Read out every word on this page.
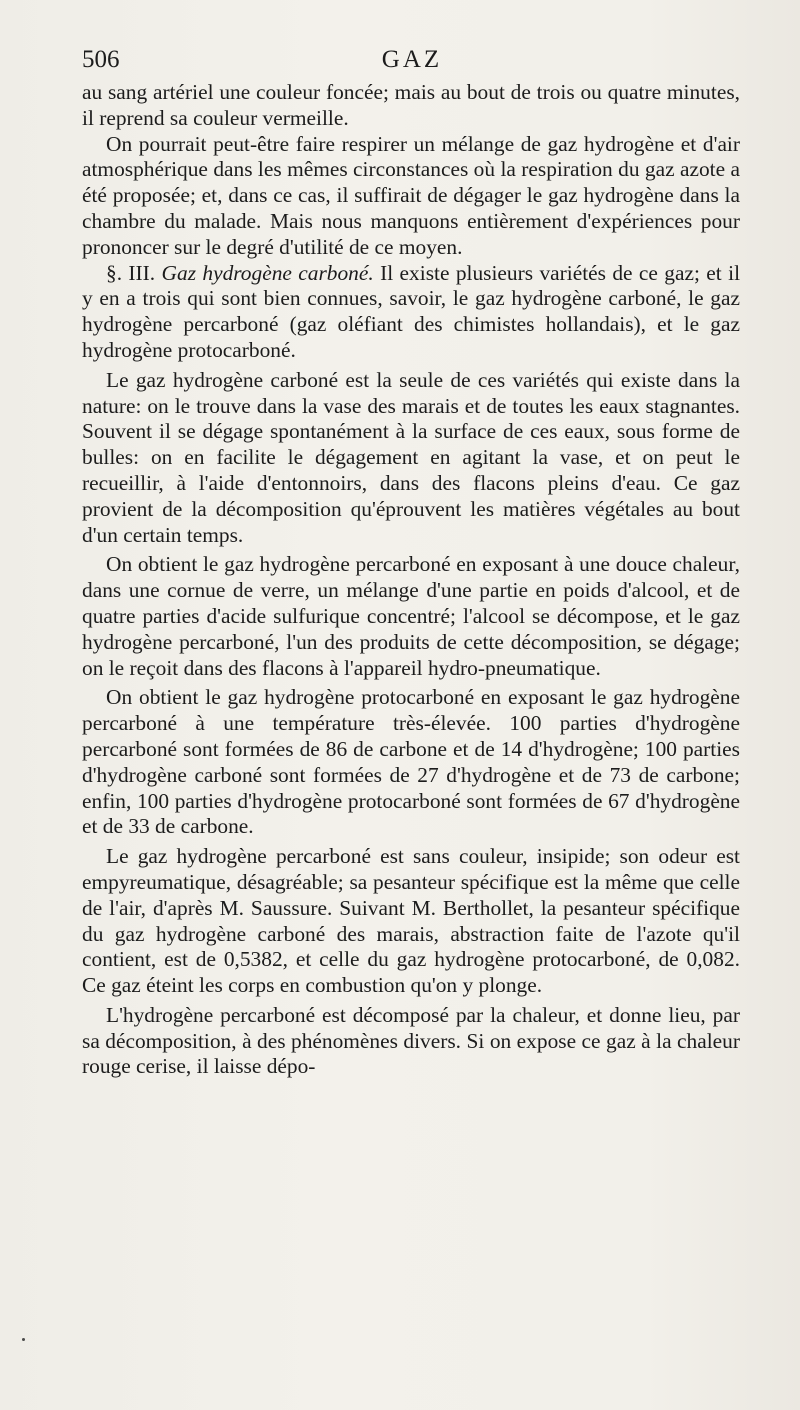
506	GAZ

au sang artériel une couleur foncée; mais au bout de trois ou quatre minutes, il reprend sa couleur vermeille.

On pourrait peut-être faire respirer un mélange de gaz hydrogène et d'air atmosphérique dans les mêmes circonstances où la respiration du gaz azote a été proposée; et, dans ce cas, il suffirait de dégager le gaz hydrogène dans la chambre du malade. Mais nous manquons entièrement d'expériences pour prononcer sur le degré d'utilité de ce moyen.

§. III. Gaz hydrogène carboné. Il existe plusieurs variétés de ce gaz; et il y en a trois qui sont bien connues, savoir, le gaz hydrogène carboné, le gaz hydrogène percarboné (gaz oléfiant des chimistes hollandais), et le gaz hydrogène protocarboné.

Le gaz hydrogène carboné est la seule de ces variétés qui existe dans la nature: on le trouve dans la vase des marais et de toutes les eaux stagnantes. Souvent il se dégage spontanément à la surface de ces eaux, sous forme de bulles: on en facilite le dégagement en agitant la vase, et on peut le recueillir, à l'aide d'entonnoirs, dans des flacons pleins d'eau. Ce gaz provient de la décomposition qu'éprouvent les matières végétales au bout d'un certain temps.

On obtient le gaz hydrogène percarboné en exposant à une douce chaleur, dans une cornue de verre, un mélange d'une partie en poids d'alcool, et de quatre parties d'acide sulfurique concentré; l'alcool se décompose, et le gaz hydrogène percarboné, l'un des produits de cette décomposition, se dégage; on le reçoit dans des flacons à l'appareil hydro-pneumatique.

On obtient le gaz hydrogène protocarboné en exposant le gaz hydrogène percarboné à une température très-élevée. 100 parties d'hydrogène percarboné sont formées de 86 de carbone et de 14 d'hydrogène; 100 parties d'hydrogène carboné sont formées de 27 d'hydrogène et de 73 de carbone; enfin, 100 parties d'hydrogène protocarboné sont formées de 67 d'hydrogène et de 33 de carbone.

Le gaz hydrogène percarboné est sans couleur, insipide; son odeur est empyreumatique, désagréable; sa pesanteur spécifique est la même que celle de l'air, d'après M. Saussure. Suivant M. Berthollet, la pesanteur spécifique du gaz hydrogène carboné des marais, abstraction faite de l'azote qu'il contient, est de 0,5382, et celle du gaz hydrogène protocarboné, de 0,082. Ce gaz éteint les corps en combustion qu'on y plonge.

L'hydrogène percarboné est décomposé par la chaleur, et donne lieu, par sa décomposition, à des phénomènes divers. Si on expose ce gaz à la chaleur rouge cerise, il laisse dépo-
